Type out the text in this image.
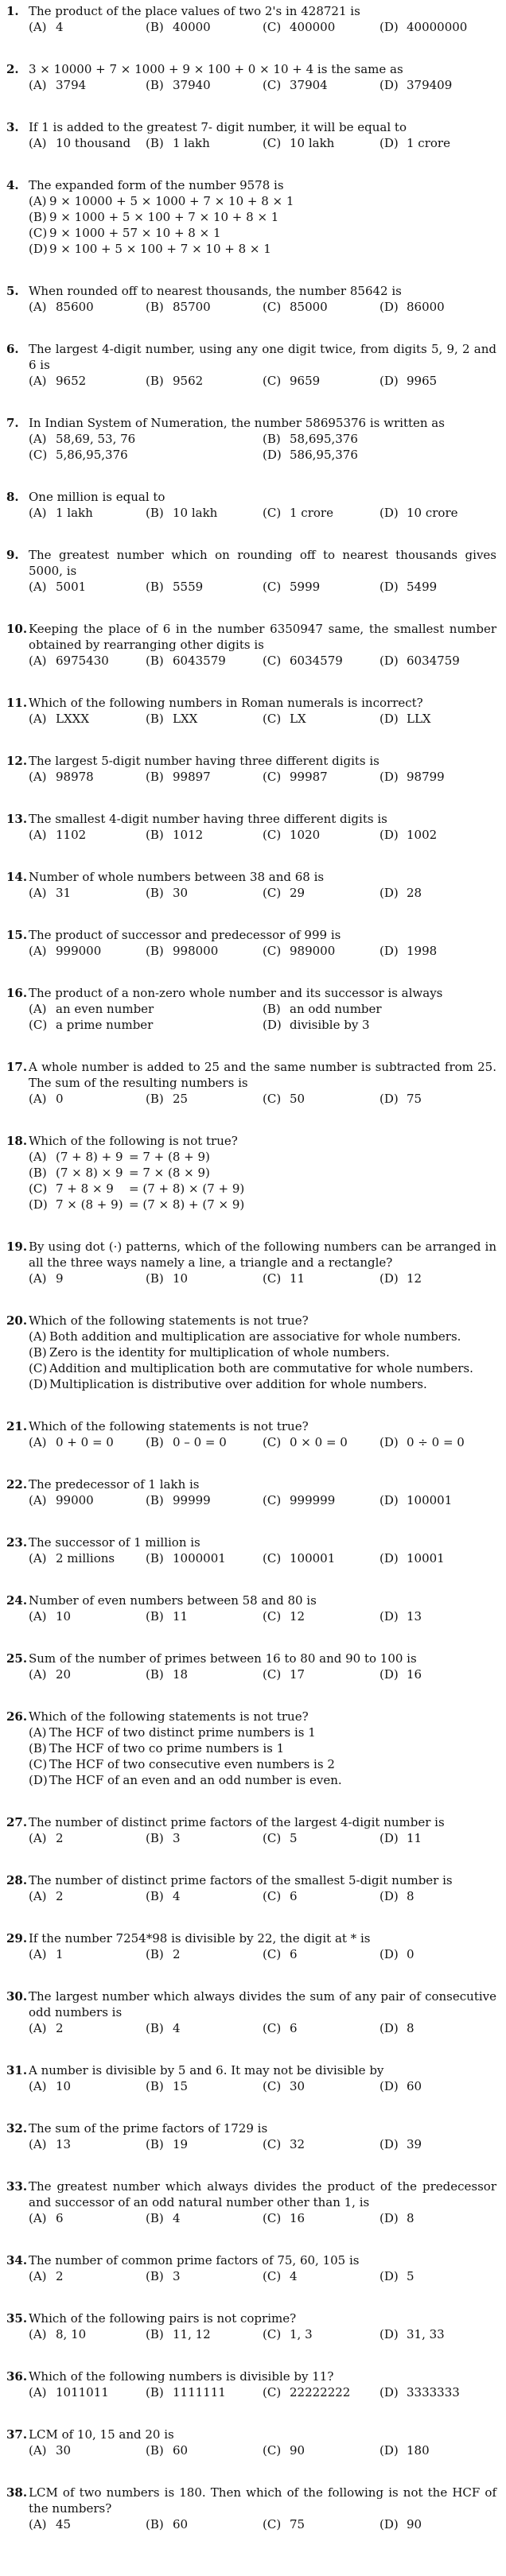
1. The product of the place values of two 2's in 428721 is
(A) 4	(B) 40000	(C) 400000	(D) 40000000
2. 3 × 10000 + 7 × 1000 + 9 × 100 + 0 × 10 + 4 is the same as
(A) 3794	(B) 37940	(C) 37904	(D) 379409
3. If 1 is added to the greatest 7- digit number, it will be equal to
(A) 10 thousand	(B) 1 lakh	(C) 10 lakh	(D) 1 crore
4. The expanded form of the number 9578 is
(A) 9 × 10000 + 5 × 1000 + 7 × 10 + 8 × 1
(B) 9 × 1000 + 5 × 100 + 7 × 10 + 8 × 1
(C) 9 × 1000 + 57 × 10 + 8 × 1
(D) 9 × 100 + 5 × 100 + 7 × 10 + 8 × 1
5. When rounded off to nearest thousands, the number 85642 is
(A) 85600	(B) 85700	(C) 85000	(D) 86000
6. The largest 4-digit number, using any one digit twice, from digits 5, 9, 2 and 6 is
(A) 9652	(B) 9562	(C) 9659	(D) 9965
7. In Indian System of Numeration, the number 58695376 is written as
(A) 58,69, 53, 76	(B) 58,695,376
(C) 5,86,95,376	(D) 586,95,376
8. One million is equal to
(A) 1 lakh	(B) 10 lakh	(C) 1 crore	(D) 10 crore
9. The greatest number which on rounding off to nearest thousands gives 5000, is
(A) 5001	(B) 5559	(C) 5999	(D) 5499
10. Keeping the place of 6 in the number 6350947 same, the smallest number obtained by rearranging other digits is
(A) 6975430	(B) 6043579	(C) 6034579	(D) 6034759
11. Which of the following numbers in Roman numerals is incorrect?
(A) LXXX	(B) LXX	(C) LX	(D) LLX
12. The largest 5-digit number having three different digits is
(A) 98978	(B) 99897	(C) 99987	(D) 98799
13. The smallest 4-digit number having three different digits is
(A) 1102	(B) 1012	(C) 1020	(D) 1002
14. Number of whole numbers between 38 and 68 is
(A) 31	(B) 30	(C) 29	(D) 28
15. The product of successor and predecessor of 999 is
(A) 999000	(B) 998000	(C) 989000	(D) 1998
16. The product of a non-zero whole number and its successor is always
(A) an even number	(B) an odd number
(C) a prime number	(D) divisible by 3
17. A whole number is added to 25 and the same number is subtracted from 25. The sum of the resulting numbers is
(A) 0	(B) 25	(C) 50	(D) 75
18. Which of the following is not true?
(A) (7 + 8) + 9 = 7 + (8 + 9)
(B) (7 × 8) × 9 = 7 × (8 × 9)
(C) 7 + 8 × 9 = (7 + 8) × (7 + 9)
(D) 7 × (8 + 9) = (7 × 8) + (7 × 9)
19. By using dot (·) patterns, which of the following numbers can be arranged in all the three ways namely a line, a triangle and a rectangle?
(A) 9	(B) 10	(C) 11	(D) 12
20. Which of the following statements is not true?
(A) Both addition and multiplication are associative for whole numbers.
(B) Zero is the identity for multiplication of whole numbers.
(C) Addition and multiplication both are commutative for whole numbers.
(D) Multiplication is distributive over addition for whole numbers.
21. Which of the following statements is not true?
(A) 0 + 0 = 0	(B) 0 – 0 = 0	(C) 0 × 0 = 0	(D) 0 ÷ 0 = 0
22. The predecessor of 1 lakh is
(A) 99000	(B) 99999	(C) 999999	(D) 100001
23. The successor of 1 million is
(A) 2 millions	(B) 1000001	(C) 100001	(D) 10001
24. Number of even numbers between 58 and 80 is
(A) 10	(B) 11	(C) 12	(D) 13
25. Sum of the number of primes between 16 to 80 and 90 to 100 is
(A) 20	(B) 18	(C) 17	(D) 16
26. Which of the following statements is not true?
(A) The HCF of two distinct prime numbers is 1
(B) The HCF of two co prime numbers is 1
(C) The HCF of two consecutive even numbers is 2
(D) The HCF of an even and an odd number is even.
27. The number of distinct prime factors of the largest 4-digit number is
(A) 2	(B) 3	(C) 5	(D) 11
28. The number of distinct prime factors of the smallest 5-digit number is
(A) 2	(B) 4	(C) 6	(D) 8
29. If the number 7254*98 is divisible by 22, the digit at * is
(A) 1	(B) 2	(C) 6	(D) 0
30. The largest number which always divides the sum of any pair of consecutive odd numbers is
(A) 2	(B) 4	(C) 6	(D) 8
31. A number is divisible by 5 and 6. It may not be divisible by
(A) 10	(B) 15	(C) 30	(D) 60
32. The sum of the prime factors of 1729 is
(A) 13	(B) 19	(C) 32	(D) 39
33. The greatest number which always divides the product of the predecessor and successor of an odd natural number other than 1, is
(A) 6	(B) 4	(C) 16	(D) 8
34. The number of common prime factors of 75, 60, 105 is
(A) 2	(B) 3	(C) 4	(D) 5
35. Which of the following pairs is not coprime?
(A) 8, 10	(B) 11, 12	(C) 1, 3	(D) 31, 33
36. Which of the following numbers is divisible by 11?
(A) 1011011	(B) 1111111	(C) 22222222	(D) 3333333
37. LCM of 10, 15 and 20 is
(A) 30	(B) 60	(C) 90	(D) 180
38. LCM of two numbers is 180. Then which of the following is not the HCF of the numbers?
(A) 45	(B) 60	(C) 75	(D) 90
